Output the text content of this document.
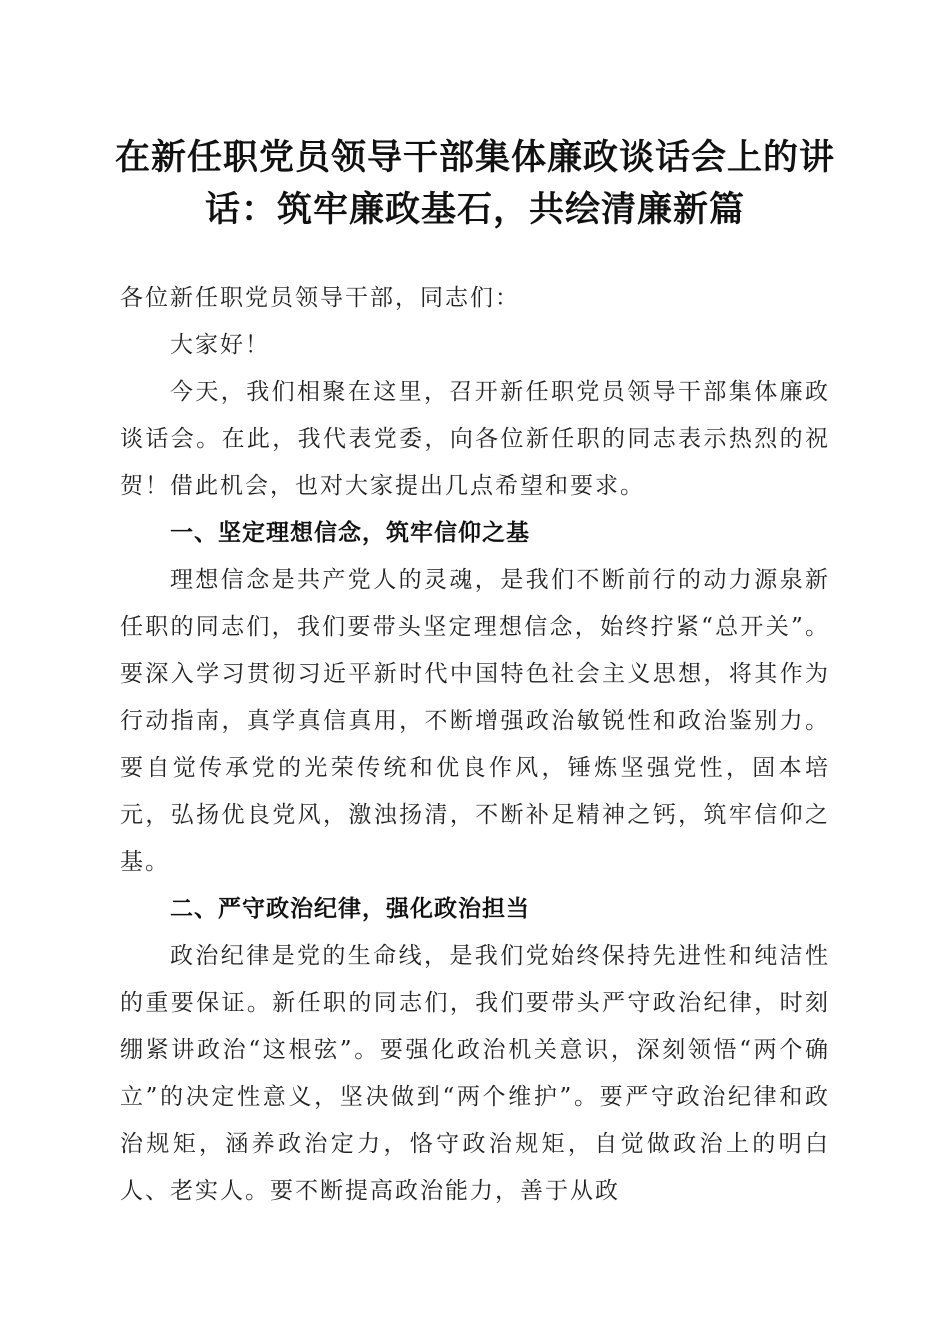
在新任职党员领导干部集体廉政谈话会上的讲话：筑牢廉政基石，共绘清廉新篇

各位新任职党员领导干部，同志们：

大家好！

今天，我们相聚在这里，召开新任职党员领导干部集体廉政谈话会。在此，我代表党委，向各位新任职的同志表示热烈的祝贺！借此机会，也对大家提出几点希望和要求。

一、坚定理想信念，筑牢信仰之基

理想信念是共产党人的灵魂，是我们不断前行的动力源泉新任职的同志们，我们要带头坚定理想信念，始终拧紧“总开关”。要深入学习贯彻习近平新时代中国特色社会主义思想，将其作为行动指南，真学真信真用，不断增强政治敏锐性和政治鉴别力。要自觉传承党的光荣传统和优良作风，锤炼坚强党性，固本培元，弘扬优良党风，激浊扬清，不断补足精神之钙，筑牢信仰之基。

二、严守政治纪律，强化政治担当

政治纪律是党的生命线，是我们党始终保持先进性和纯洁性的重要保证。新任职的同志们，我们要带头严守政治纪律，时刻绷紧讲政治“这根弦”。要强化政治机关意识，深刻领悟“两个确立”的决定性意义，坚决做到“两个维护”。要严守政治纪律和政治规矩，涵养政治定力，恪守政治规矩，自觉做政治上的明白人、老实人。要不断提高政治能力，善于从政
